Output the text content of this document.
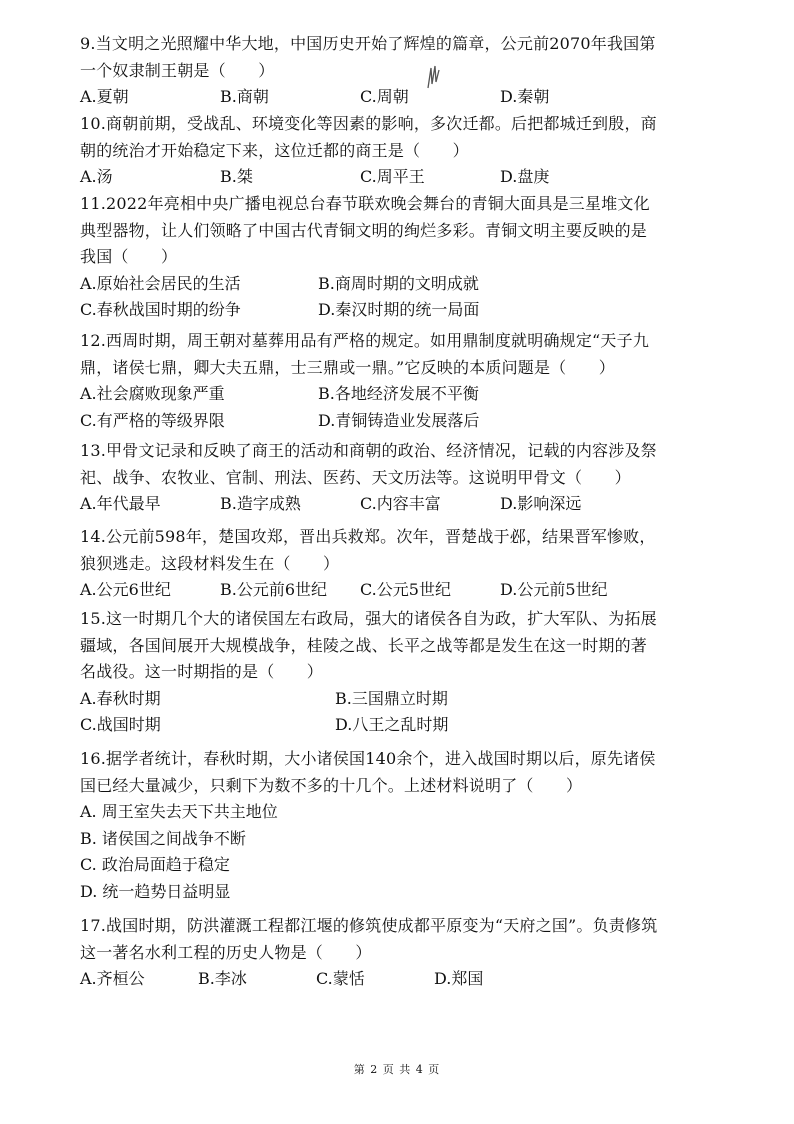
9.当文明之光照耀中华大地，中国历史开始了辉煌的篇章，公元前2070年我国第一个奴隶制王朝是（　　）

A.夏朝	B.商朝	C.周朝	D.秦朝

10.商朝前期，受战乱、环境变化等因素的影响，多次迁都。后把都城迁到殷，商朝的统治才开始稳定下来，这位迁都的商王是（　　）

A.汤	B.桀	C.周平王	D.盘庚

11.2022年亮相中央广播电视总台春节联欢晚会舞台的青铜大面具是三星堆文化典型器物，让人们领略了中国古代青铜文明的绚烂多彩。青铜文明主要反映的是我国（　　）

A.原始社会居民的生活	B.商周时期的文明成就
C.春秋战国时期的纷争	D.秦汉时期的统一局面

12.西周时期，周王朝对墓葬用品有严格的规定。如用鼎制度就明确规定“天子九鼎，诸侯七鼎，卿大夫五鼎，士三鼎或一鼎。”它反映的本质问题是（　　）

A.社会腐败现象严重	B.各地经济发展不平衡
C.有严格的等级界限	D.青铜铸造业发展落后

13.甲骨文记录和反映了商王的活动和商朝的政治、经济情况，记载的内容涉及祭祀、战争、农牧业、官制、刑法、医药、天文历法等。这说明甲骨文（　　）

A.年代最早	B.造字成熟	C.内容丰富	D.影响深远

14.公元前598年，楚国攻郑，晋出兵救郑。次年，晋楚战于邲，结果晋军惨败，狼狈逃走。这段材料发生在（　　）

A.公元6世纪	B.公元前6世纪 C.公元5世纪	D.公元前5世纪

15.这一时期几个大的诸侯国左右政局，强大的诸侯各自为政，扩大军队、为拓展疆域，各国间展开大规模战争，桂陵之战、长平之战等都是发生在这一时期的著名战役。这一时期指的是（　　）

A.春秋时期	B.三国鼎立时期
C.战国时期	D.八王之乱时期

16.据学者统计，春秋时期，大小诸侯国140余个，进入战国时期以后，原先诸侯国已经大量减少，只剩下为数不多的十几个。上述材料说明了（　　）

A. 周王室失去天下共主地位
B. 诸侯国之间战争不断
C. 政治局面趋于稳定
D. 统一趋势日益明显

17.战国时期，防洪灌溉工程都江堰的修筑使成都平原变为“天府之国”。负责修筑这一著名水利工程的历史人物是（　　）

A.齐桓公	B.李冰	C.蒙恬	D.郑国
第 2 页 共 4 页
